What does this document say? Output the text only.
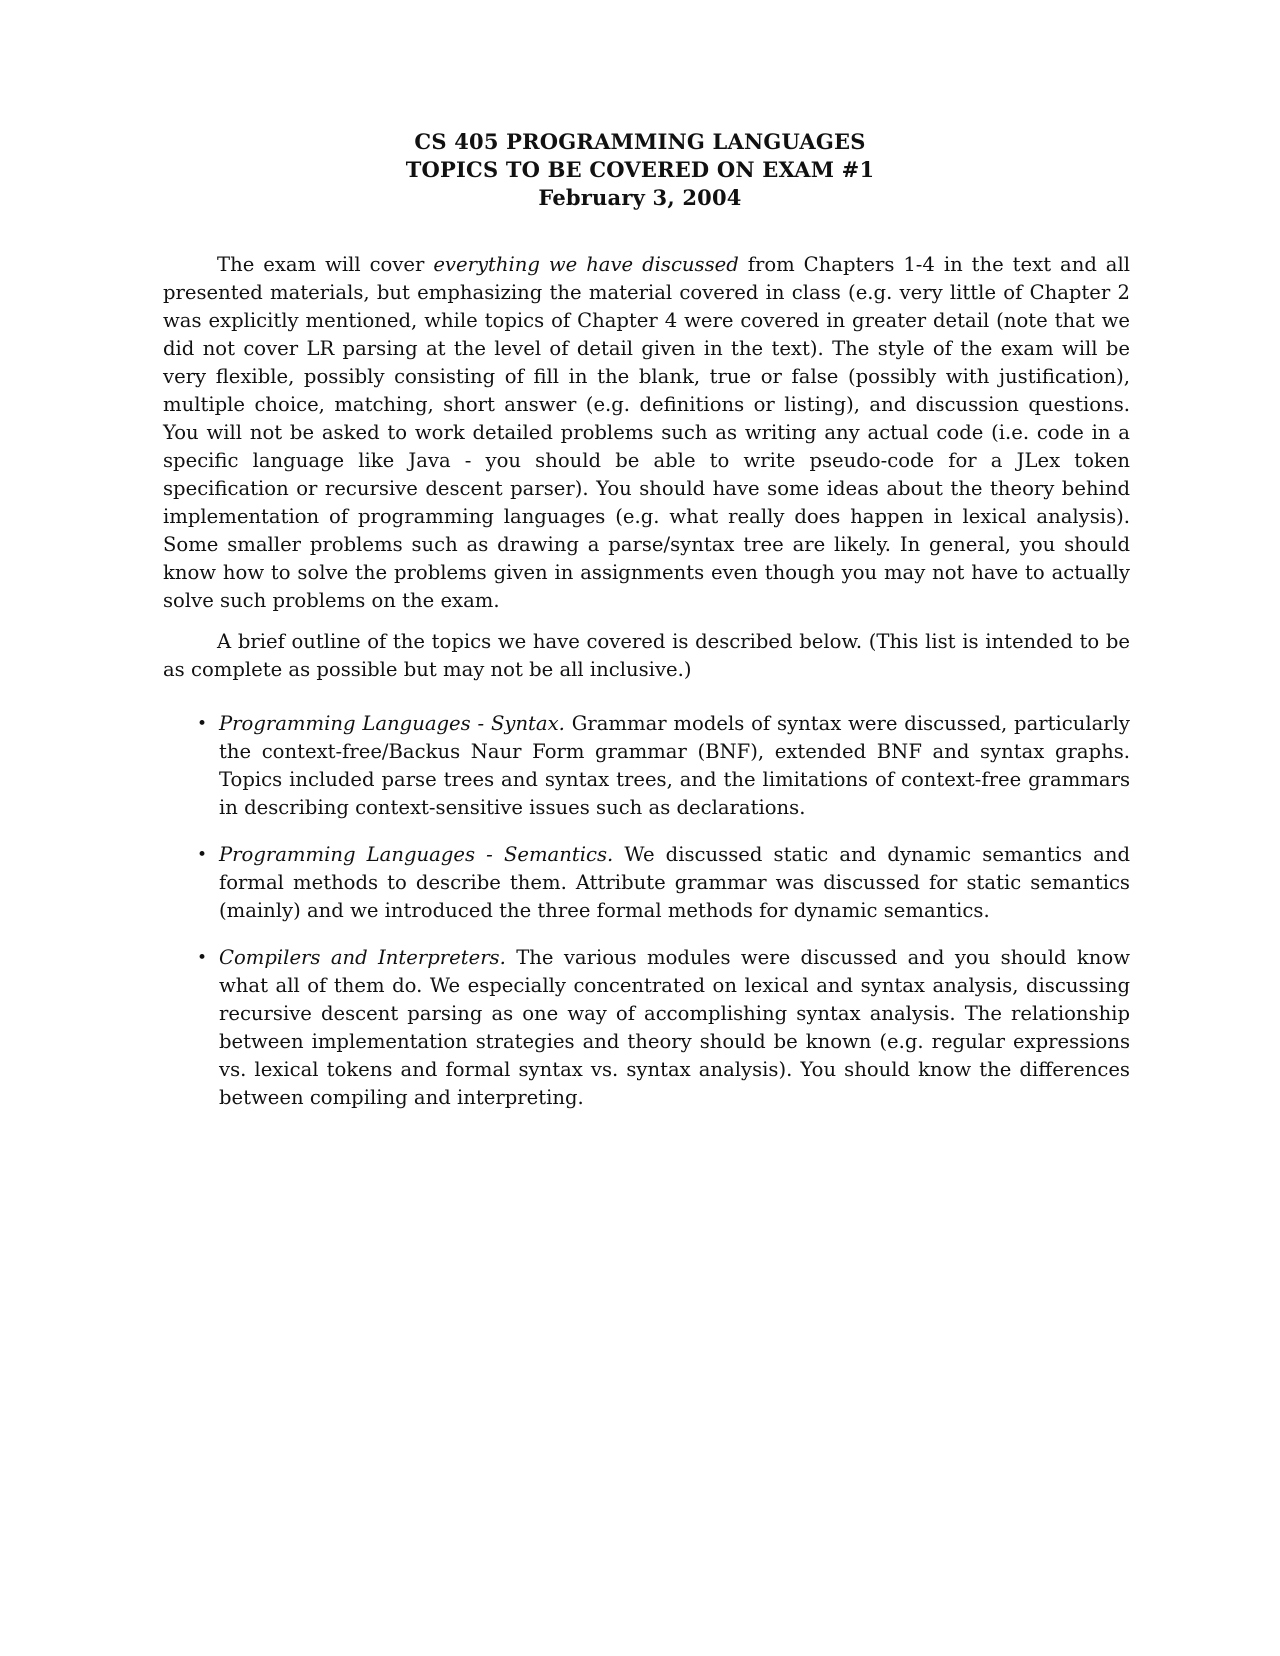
CS 405 PROGRAMMING LANGUAGES
TOPICS TO BE COVERED ON EXAM #1
February 3, 2004

The exam will cover everything we have discussed from Chapters 1-4 in the text and all presented materials, but emphasizing the material covered in class (e.g. very little of Chapter 2 was explicitly mentioned, while topics of Chapter 4 were covered in greater detail (note that we did not cover LR parsing at the level of detail given in the text). The style of the exam will be very flexible, possibly consisting of fill in the blank, true or false (possibly with justification), multiple choice, matching, short answer (e.g. definitions or listing), and discussion questions. You will not be asked to work detailed problems such as writing any actual code (i.e. code in a specific language like Java - you should be able to write pseudo-code for a JLex token specification or recursive descent parser). You should have some ideas about the theory behind implementation of programming languages (e.g. what really does happen in lexical analysis). Some smaller problems such as drawing a parse/syntax tree are likely. In general, you should know how to solve the problems given in assignments even though you may not have to actually solve such problems on the exam.

A brief outline of the topics we have covered is described below. (This list is intended to be as complete as possible but may not be all inclusive.)

• Programming Languages - Syntax. Grammar models of syntax were discussed, particularly the context-free/Backus Naur Form grammar (BNF), extended BNF and syntax graphs. Topics included parse trees and syntax trees, and the limitations of context-free grammars in describing context-sensitive issues such as declarations.
• Programming Languages - Semantics. We discussed static and dynamic semantics and formal methods to describe them. Attribute grammar was discussed for static semantics (mainly) and we introduced the three formal methods for dynamic semantics.
• Compilers and Interpreters. The various modules were discussed and you should know what all of them do. We especially concentrated on lexical and syntax analysis, discussing recursive descent parsing as one way of accomplishing syntax analysis. The relationship between implementation strategies and theory should be known (e.g. regular expressions vs. lexical tokens and formal syntax vs. syntax analysis). You should know the differences between compiling and interpreting.
